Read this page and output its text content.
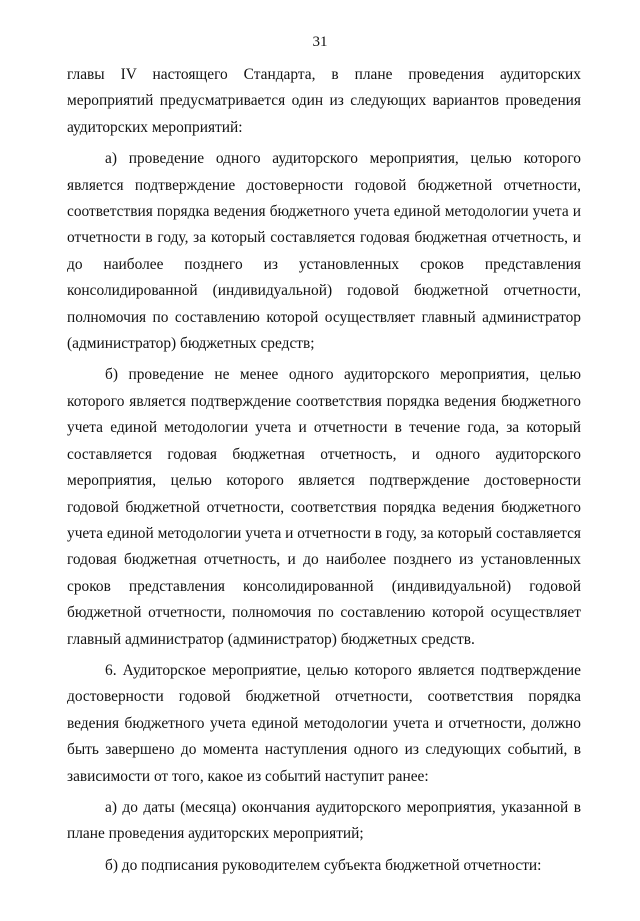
31

главы IV настоящего Стандарта, в плане проведения аудиторских мероприятий предусматривается один из следующих вариантов проведения аудиторских мероприятий:

а) проведение одного аудиторского мероприятия, целью которого является подтверждение достоверности годовой бюджетной отчетности, соответствия порядка ведения бюджетного учета единой методологии учета и отчетности в году, за который составляется годовая бюджетная отчетность, и до наиболее позднего из установленных сроков представления консолидированной (индивидуальной) годовой бюджетной отчетности, полномочия по составлению которой осуществляет главный администратор (администратор) бюджетных средств;

б) проведение не менее одного аудиторского мероприятия, целью которого является подтверждение соответствия порядка ведения бюджетного учета единой методологии учета и отчетности в течение года, за который составляется годовая бюджетная отчетность, и одного аудиторского мероприятия, целью которого является подтверждение достоверности годовой бюджетной отчетности, соответствия порядка ведения бюджетного учета единой методологии учета и отчетности в году, за который составляется годовая бюджетная отчетность, и до наиболее позднего из установленных сроков представления консолидированной (индивидуальной) годовой бюджетной отчетности, полномочия по составлению которой осуществляет главный администратор (администратор) бюджетных средств.

6. Аудиторское мероприятие, целью которого является подтверждение достоверности годовой бюджетной отчетности, соответствия порядка ведения бюджетного учета единой методологии учета и отчетности, должно быть завершено до момента наступления одного из следующих событий, в зависимости от того, какое из событий наступит ранее:

а) до даты (месяца) окончания аудиторского мероприятия, указанной в плане проведения аудиторских мероприятий;

б) до подписания руководителем субъекта бюджетной отчетности:
